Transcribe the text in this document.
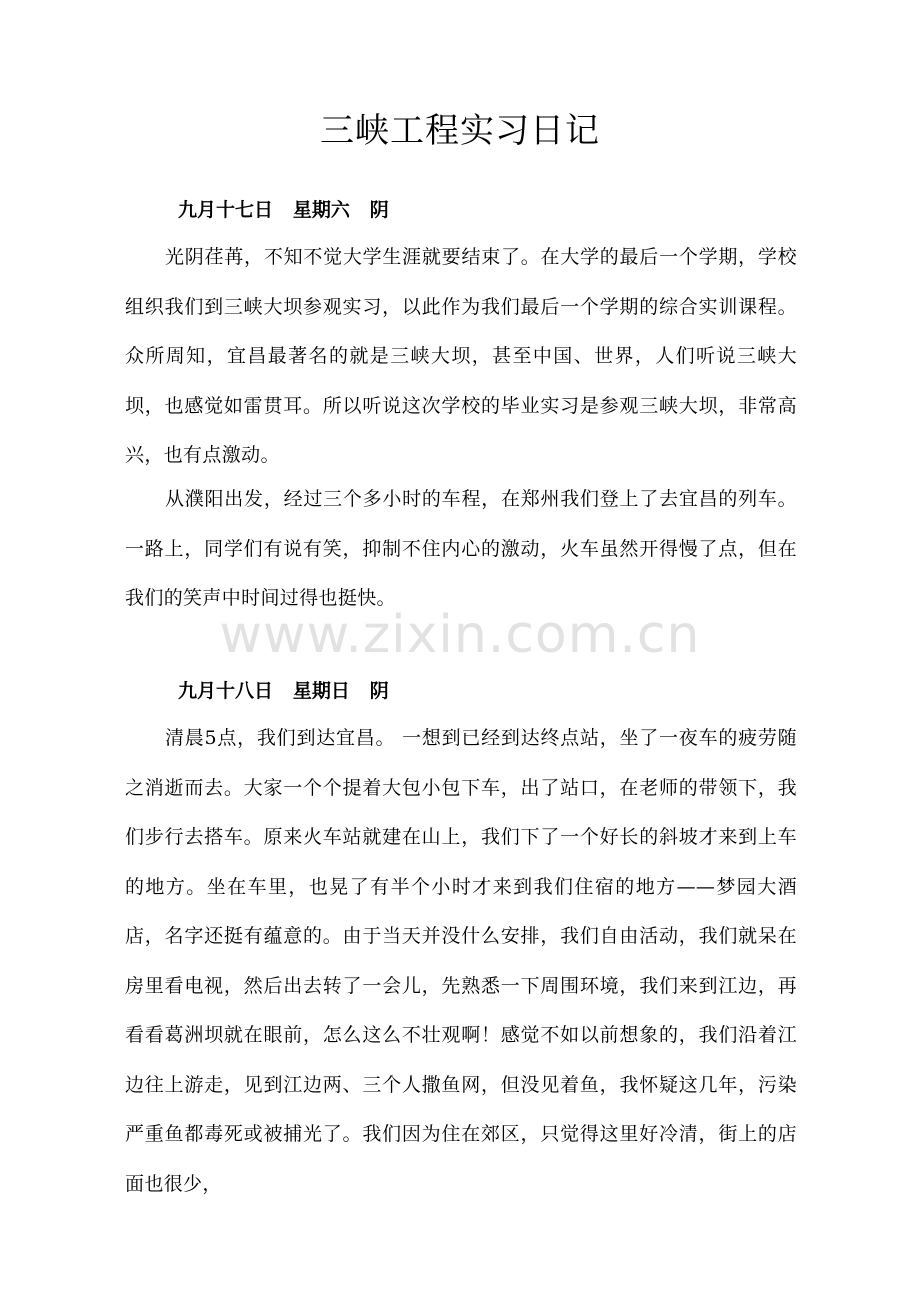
三峡工程实习日记
九月十七日   星期六   阴

光阴荏苒，不知不觉大学生涯就要结束了。在大学的最后一个学期，学校组织我们到三峡大坝参观实习，以此作为我们最后一个学期的综合实训课程。众所周知，宜昌最著名的就是三峡大坝，甚至中国、世界，人们听说三峡大坝，也感觉如雷贯耳。所以听说这次学校的毕业实习是参观三峡大坝，非常高兴，也有点激动。

从濮阳出发，经过三个多小时的车程，在郑州我们登上了去宜昌的列车。一路上，同学们有说有笑，抑制不住内心的激动，火车虽然开得慢了点，但在我们的笑声中时间过得也挺快。

www.zixin.com.cn
九月十八日   星期日   阴

清晨5点，我们到达宜昌。 一想到已经到达终点站，坐了一夜车的疲劳随之消逝而去。大家一个个提着大包小包下车，出了站口，在老师的带领下，我们步行去搭车。原来火车站就建在山上，我们下了一个好长的斜坡才来到上车的地方。坐在车里，也晃了有半个小时才来到我们住宿的地方——梦园大酒店，名字还挺有蕴意的。由于当天并没什么安排，我们自由活动，我们就呆在房里看电视，然后出去转了一会儿，先熟悉一下周围环境，我们来到江边，再看看葛洲坝就在眼前，怎么这么不壮观啊！感觉不如以前想象的，我们沿着江边往上游走，见到江边两、三个人撒鱼网，但没见着鱼，我怀疑这几年，污染严重鱼都毒死或被捕光了。我们因为住在郊区，只觉得这里好冷清，街上的店面也很少，
